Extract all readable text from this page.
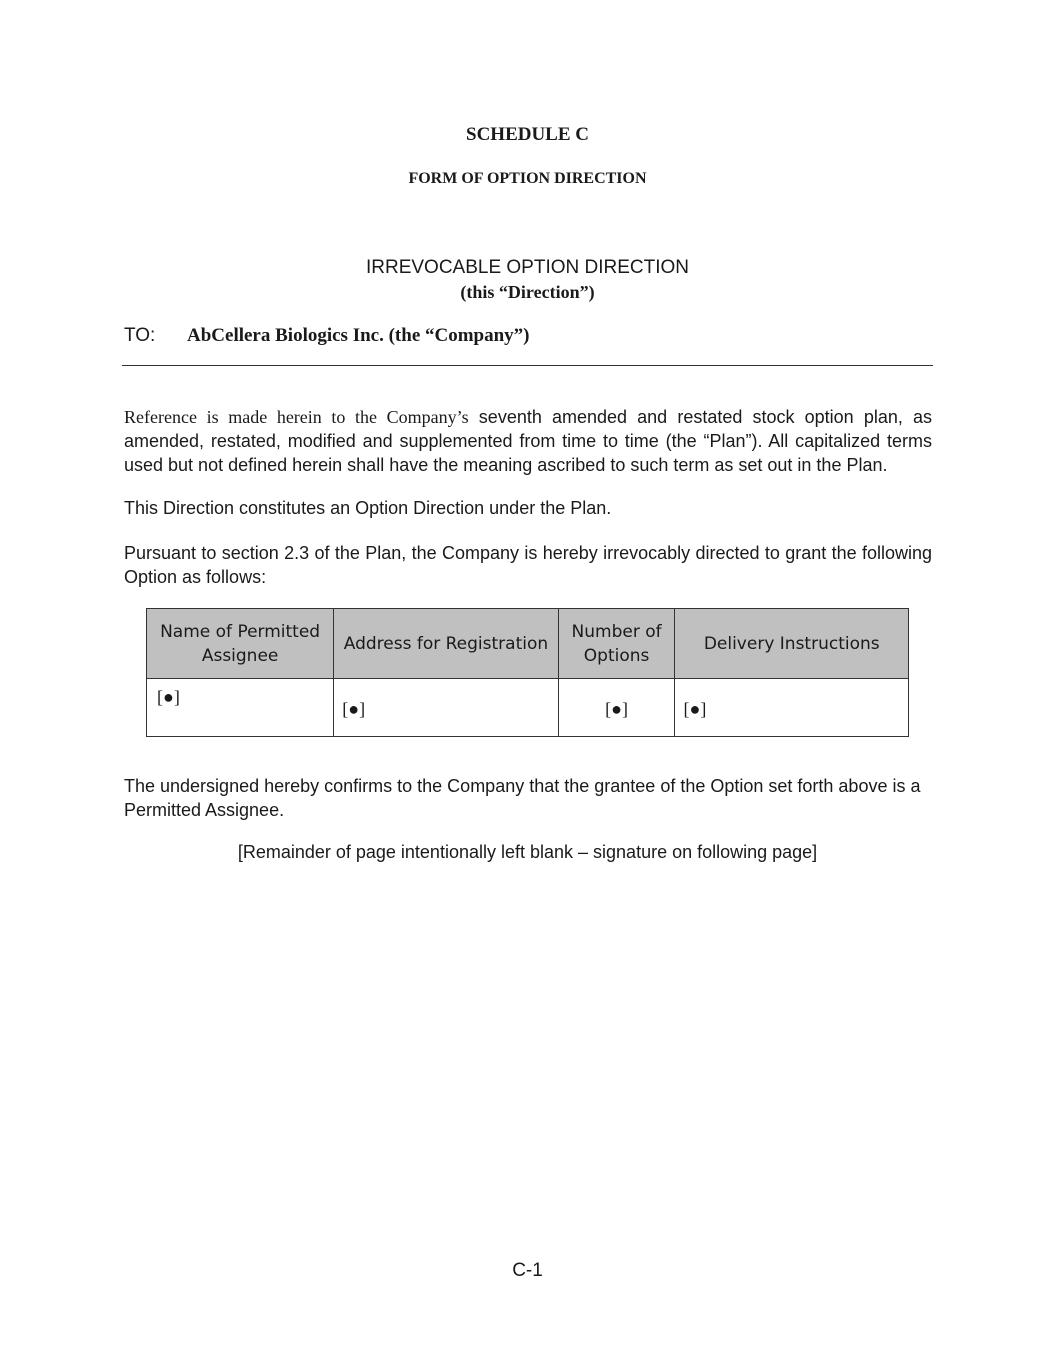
SCHEDULE C
FORM OF OPTION DIRECTION
IRREVOCABLE OPTION DIRECTION
(this “Direction”)
TO: AbCellera Biologics Inc. (the “Company”)
Reference is made herein to the Company’s seventh amended and restated stock option plan, as amended, restated, modified and supplemented from time to time (the “Plan”). All capitalized terms used but not defined herein shall have the meaning ascribed to such term as set out in the Plan.
This Direction constitutes an Option Direction under the Plan.
Pursuant to section 2.3 of the Plan, the Company is hereby irrevocably directed to grant the following Option as follows:
Name of Permitted Assignee	Address for Registration	Number of Options	Delivery Instructions
[●]	[●]	[●]	[●]
The undersigned hereby confirms to the Company that the grantee of the Option set forth above is a Permitted Assignee.
[Remainder of page intentionally left blank – signature on following page]
C-1
